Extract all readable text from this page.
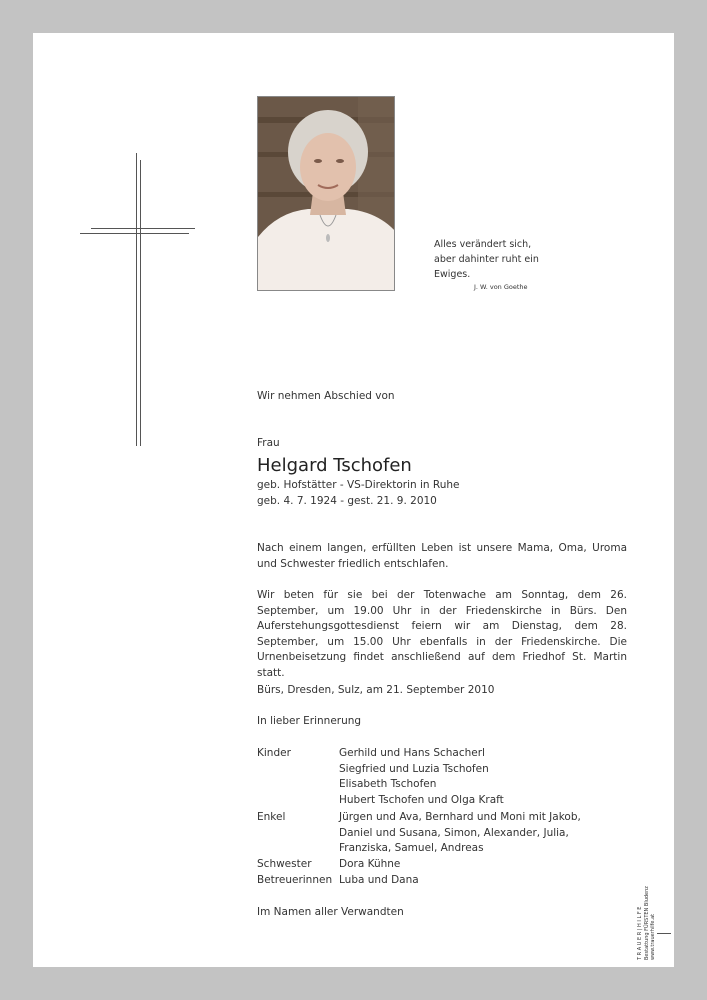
Alles verändert sich,
aber dahinter ruht ein
Ewiges.
J. W. von Goethe
Wir nehmen Abschied von
Frau
Helgard Tschofen
geb. Hofstätter - VS-Direktorin in Ruhe
geb. 4. 7. 1924 - gest. 21. 9. 2010
Nach einem langen, erfüllten Leben ist unsere Mama, Oma, Uroma und Schwester friedlich entschlafen.
Wir beten für sie bei der Totenwache am Sonntag, dem 26. September, um 19.00 Uhr in der Friedenskirche in Bürs. Den Auferstehungsgottesdienst feiern wir am Dienstag, dem 28. September, um 15.00 Uhr ebenfalls in der Friedenskirche. Die Urnenbeisetzung findet anschließend auf dem Friedhof St. Martin statt.
Bürs, Dresden, Sulz, am 21. September 2010
In lieber Erinnerung
Kinder	Gerhild und Hans Schacherl
Siegfried und Luzia Tschofen
Elisabeth Tschofen
Hubert Tschofen und Olga Kraft
Enkel	Jürgen und Ava, Bernhard und Moni mit Jakob,
Daniel und Susana, Simon, Alexander, Julia,
Franziska, Samuel, Andreas
Schwester	Dora Kühne
Betreuerinnen Luba und Dana
Im Namen aller Verwandten	T R A U E R | H I L F E Bestattung FÜRSTEN Bludenz www.trauerhilfe.at
